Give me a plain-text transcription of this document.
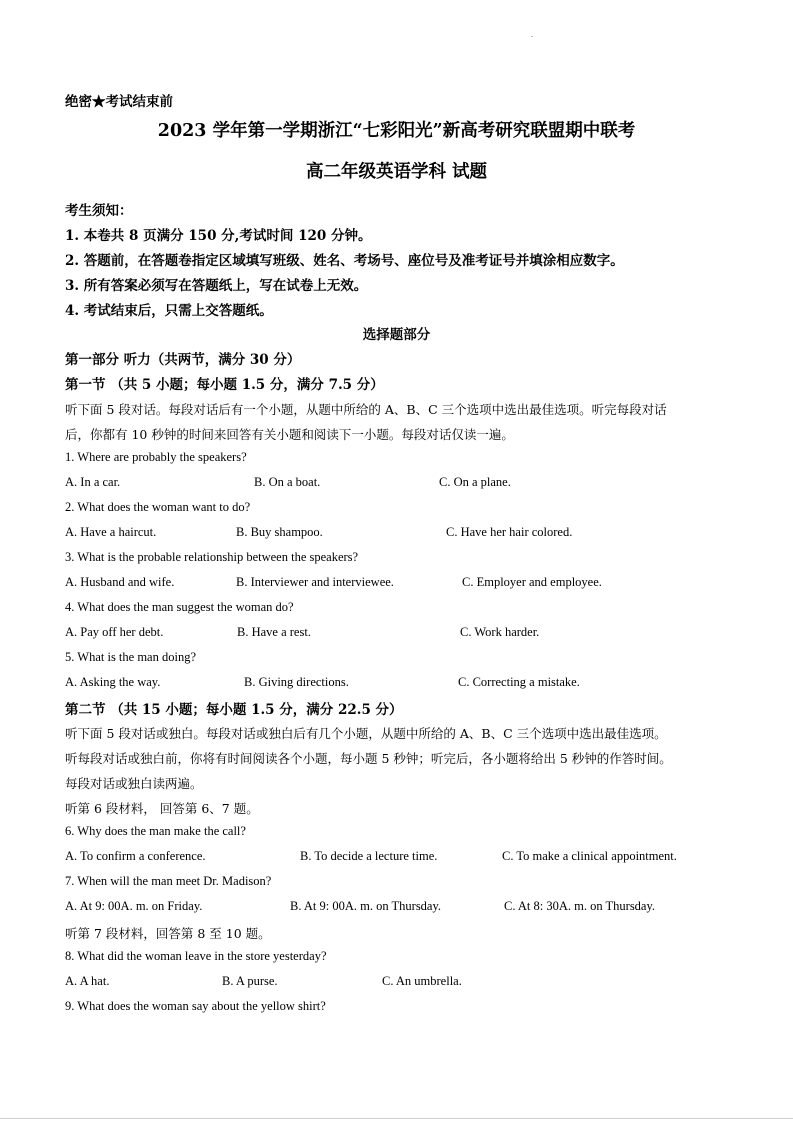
绝密★考试结束前
2023 学年第一学期浙江“七彩阳光”新高考研究联盟期中联考
高二年级英语学科 试题
考生须知：
1. 本卷共 8 页满分 150 分,考试时间 120 分钟。
2. 答题前，在答题卷指定区域填写班级、姓名、考场号、座位号及准考证号并填涂相应数字。
3. 所有答案必须写在答题纸上，写在试卷上无效。
4. 考试结束后，只需上交答题纸。
选择题部分
第一部分 听力（共两节，满分 30 分）
第一节 （共 5 小题；每小题 1.5 分，满分 7.5 分）
听下面 5 段对话。每段对话后有一个小题，从题中所给的 A、B、C 三个选项中选出最佳选项。听完每段对话
后，你都有 10 秒钟的时间来回答有关小题和阅读下一小题。每段对话仅读一遍。
1. Where are probably the speakers?
A. In a car.	B. On a boat.	C. On a plane.
2. What does the woman want to do?
A. Have a haircut.	B. Buy shampoo.	C. Have her hair colored.
3. What is the probable relationship between the speakers?
A. Husband and wife.	B. Interviewer and interviewee.	C. Employer and employee.
4. What does the man suggest the woman do?
A. Pay off her debt.	B. Have a rest.	C. Work harder.
5. What is the man doing?
A. Asking the way.	B. Giving directions.	C. Correcting a mistake.
第二节 （共 15 小题；每小题 1.5 分，满分 22.5 分）
听下面 5 段对话或独白。每段对话或独白后有几个小题，从题中所给的 A、B、C 三个选项中选出最佳选项。
听每段对话或独白前，你将有时间阅读各个小题，每小题 5 秒钟；听完后，各小题将给出 5 秒钟的作答时间。
每段对话或独白读两遍。
听第 6 段材料， 回答第 6、7 题。
6. Why does the man make the call?
A. To confirm a conference.	B. To decide a lecture time.	C. To make a clinical appointment.
7. When will the man meet Dr. Madison?
A. At 9: 00A. m. on Friday.	B. At 9: 00A. m. on Thursday.	C. At 8: 30A. m. on Thursday.
听第 7 段材料，回答第 8 至 10 题。
8. What did the woman leave in the store yesterday?
A. A hat.	B. A purse.	C. An umbrella.
9. What does the woman say about the yellow shirt?
